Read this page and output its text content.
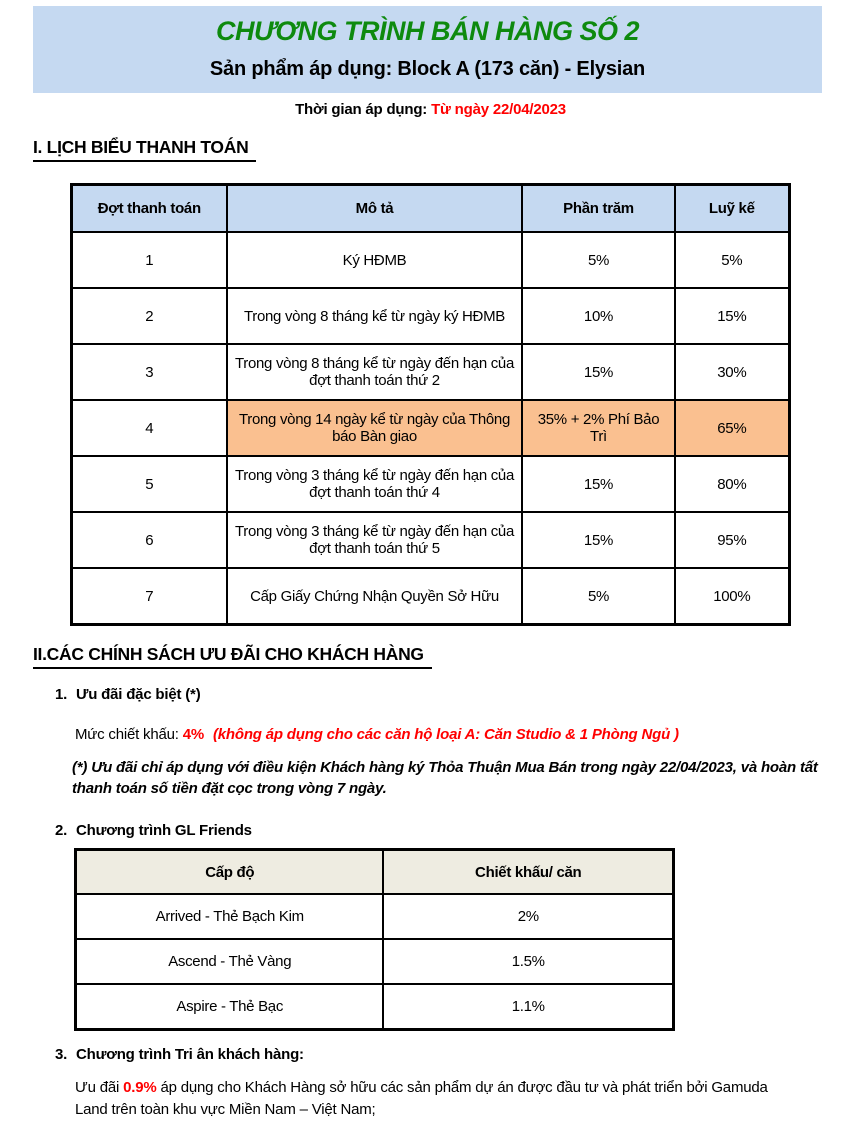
CHƯƠNG TRÌNH BÁN HÀNG SỐ 2
Sản phẩm áp dụng: Block A (173 căn) - Elysian
Thời gian áp dụng: Từ ngày 22/04/2023
I. LỊCH BIỂU THANH TOÁN
Đợt thanh toán	Mô tả	Phần trăm	Luỹ kế
1	Ký HĐMB	5%	5%
2	Trong vòng 8 tháng kể từ ngày ký HĐMB	10%	15%
3	Trong vòng 8 tháng kể từ ngày đến hạn của đợt thanh toán thứ 2	15%	30%
4	Trong vòng 14 ngày kể từ ngày của Thông báo Bàn giao	35% + 2% Phí Bảo Trì	65%
5	Trong vòng 3 tháng kể từ ngày đến hạn của đợt thanh toán thứ 4	15%	80%
6	Trong vòng 3 tháng kể từ ngày đến hạn của đợt thanh toán thứ 5	15%	95%
7	Cấp Giấy Chứng Nhận Quyền Sở Hữu	5%	100%
II.CÁC CHÍNH SÁCH ƯU ĐÃI CHO KHÁCH HÀNG
1. Ưu đãi đặc biệt (*)
Mức chiết khấu: 4% (không áp dụng cho các căn hộ loại A: Căn Studio & 1 Phòng Ngủ )
(*) Ưu đãi chỉ áp dụng với điều kiện Khách hàng ký Thỏa Thuận Mua Bán trong ngày 22/04/2023, và hoàn tất thanh toán số tiền đặt cọc trong vòng 7 ngày.
2. Chương trình GL Friends
Cấp độ	Chiết khấu/ căn
Arrived - Thẻ Bạch Kim	2%
Ascend - Thẻ Vàng	1.5%
Aspire - Thẻ Bạc	1.1%
3. Chương trình Tri ân khách hàng:
Ưu đãi 0.9% áp dụng cho Khách Hàng sở hữu các sản phẩm dự án được đầu tư và phát triển bởi Gamuda Land trên toàn khu vực Miền Nam – Việt Nam;
